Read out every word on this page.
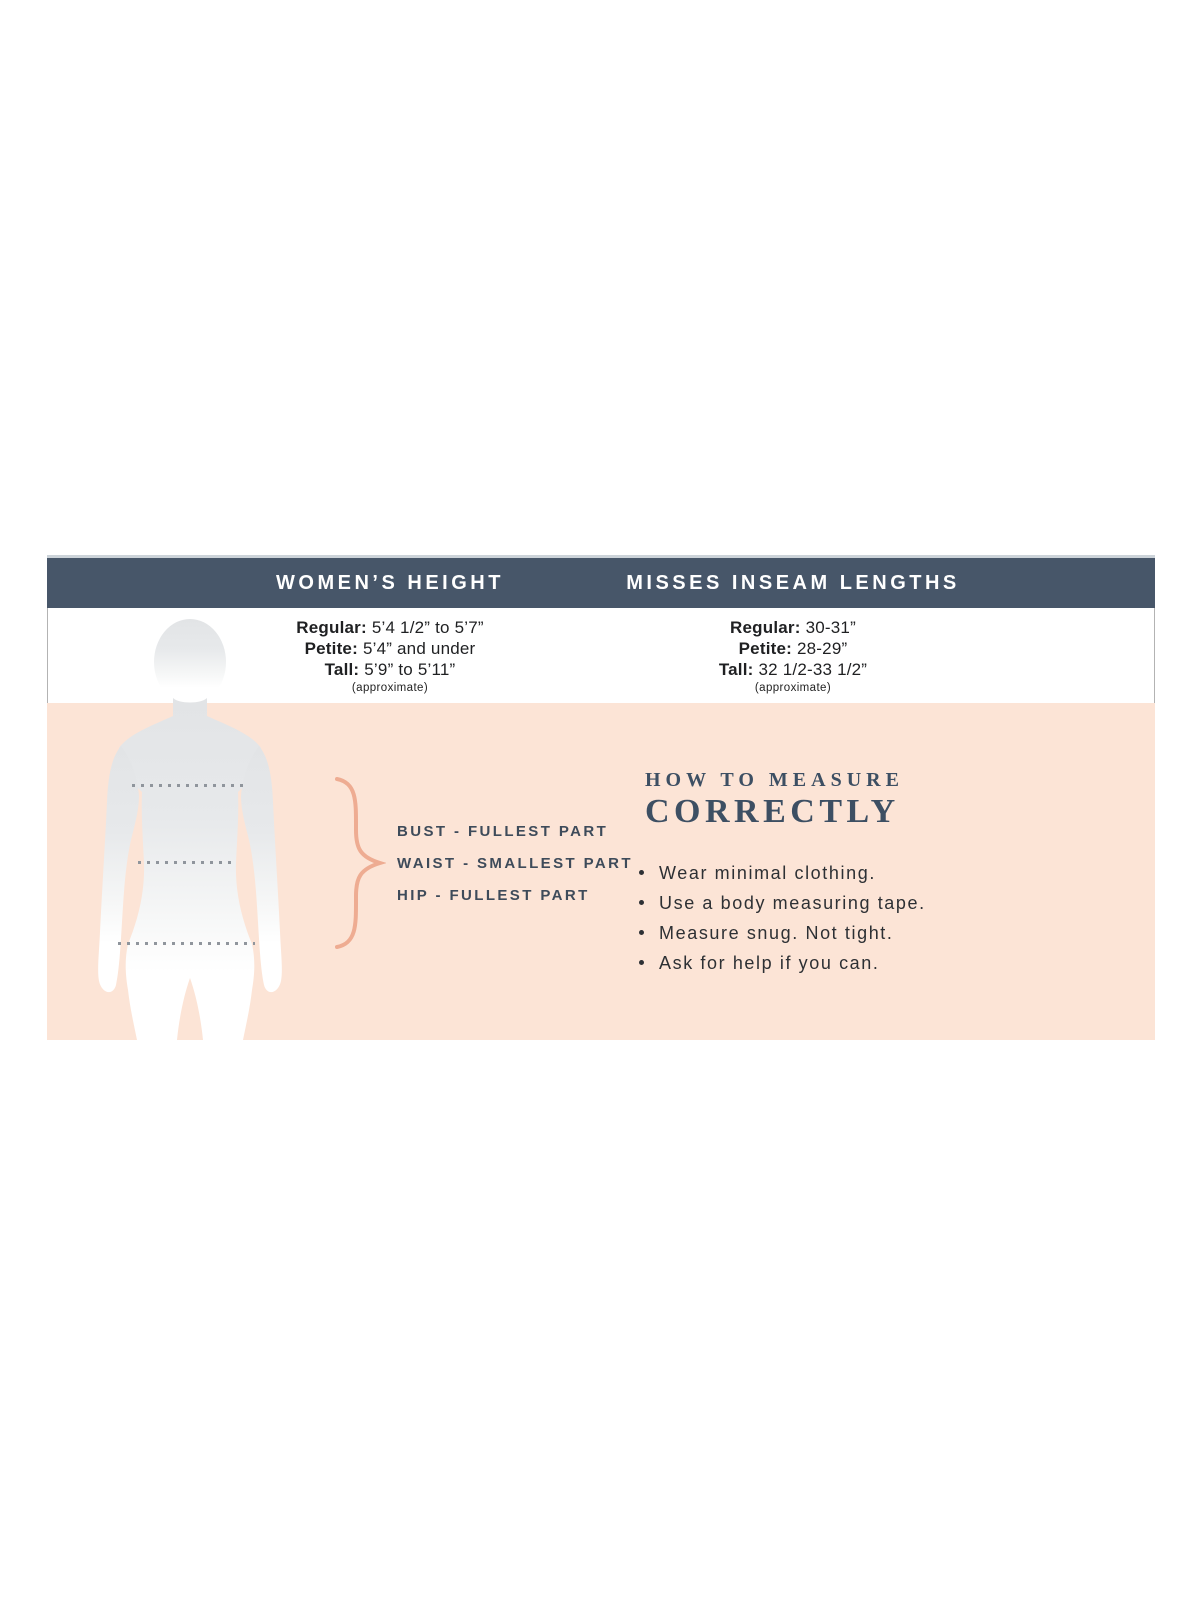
WOMEN’S HEIGHT	MISSES INSEAM LENGTHS
Regular: 5’4 1/2” to 5’7”
Petite: 5’4” and under
Tall: 5’9” to 5’11”
(approximate)
Regular: 30-31”
Petite: 28-29”
Tall: 32 1/2-33 1/2”
(approximate)
BUST - FULLEST PART
WAIST - SMALLEST PART
HIP - FULLEST PART
HOW TO MEASURE
CORRECTLY
Wear minimal clothing.
Use a body measuring tape.
Measure snug. Not tight.
Ask for help if you can.
